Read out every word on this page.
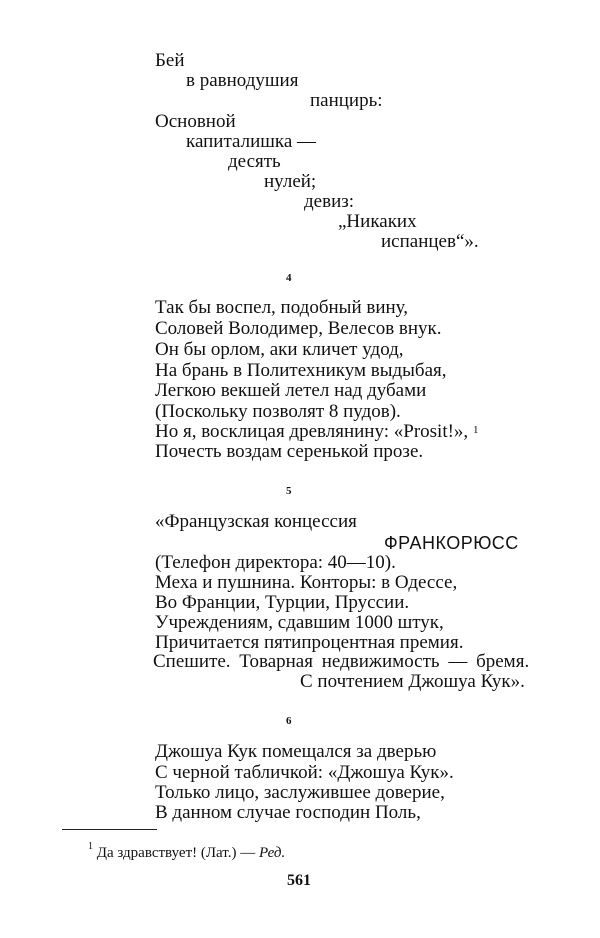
Бей
в равнодушия
панцирь:
Основной
капиталишка —
десять
нулей;
девиз:
„Никаких
испанцев“».
4
Так бы воспел, подобный вину,
Соловей Володимер, Велесов внук.
Он бы орлом, аки кличет удод,
На брань в Политехникум выдыбая,
Легкою векшей летел над дубами
(Поскольку позволят 8 пудов).
Но я, восклицая древлянину: «Prosit!», $^1$
Почесть воздам серенькой прозе.
5
«Французская концессия
ФРАНКОРЮСС
(Телефон директора: 40—10).
Меха и пушнина. Конторы: в Одессе,
Во Франции, Турции, Пруссии.
Учреждениям, сдавшим 1000 штук,
Причитается пятипроцентная премия.
Спешите. Товарная недвижимость — бремя.
С почтением Джошуа Кук».
6
Джошуа Кук помещался за дверью
С черной табличкой: «Джошуа Кук».
Только лицо, заслужившее доверие,
В данном случае господин Поль,
$^1$ Да здравствует! (Лат.) — Ред.
561
